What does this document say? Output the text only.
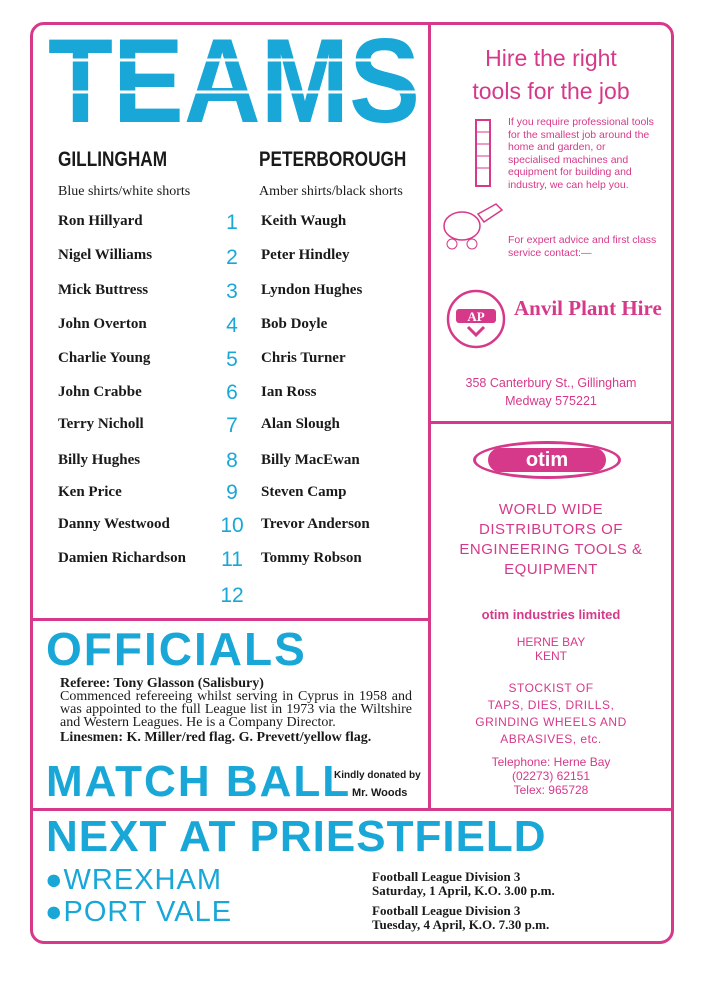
TEAMS
GILLINGHAM	PETERBOROUGH
Blue shirts/white shorts	Amber shirts/black shorts
Ron Hillyard
Nigel Williams
Mick Buttress
John Overton
Charlie Young
John Crabbe
Terry Nicholl
Billy Hughes
Ken Price
Danny Westwood
Damien Richardson
Keith Waugh
Peter Hindley
Lyndon Hughes
Bob Doyle
Chris Turner
Ian Ross
Alan Slough
Billy MacEwan
Steven Camp
Trevor Anderson
Tommy Robson
1
2
3
4
5
6
7
8
9
10
11
12
OFFICIALS
Referee: Tony Glasson (Salisbury)
Commenced refereeing whilst serving in Cyprus in 1958 and was appointed to the full League list in 1973 via the Wiltshire and Western Leagues. He is a Company Director.
Linesmen: K. Miller/red flag. G. Prevett/yellow flag.
MATCH BALL
Kindly donated by
Mr. Woods
Hire the right
tools for the job
If you require professional tools for the smallest job around the home and garden, or specialised machines and equipment for building and industry, we can help you.
For expert advice and first class service contact:—
AP Anvil Plant Hire
358 Canterbury St., Gillingham
Medway 575221
otim
WORLD WIDE DISTRIBUTORS OF ENGINEERING TOOLS & EQUIPMENT
otim industries limited
HERNE BAY
KENT
STOCKIST OF
TAPS, DIES, DRILLS,
GRINDING WHEELS AND
ABRASIVES, etc.
Telephone: Herne Bay
(02273) 62151
Telex: 965728
NEXT AT PRIESTFIELD
●WREXHAM
●PORT VALE
Football League Division 3
Saturday, 1 April, K.O. 3.00 p.m.
Football League Division 3
Tuesday, 4 April, K.O. 7.30 p.m.
